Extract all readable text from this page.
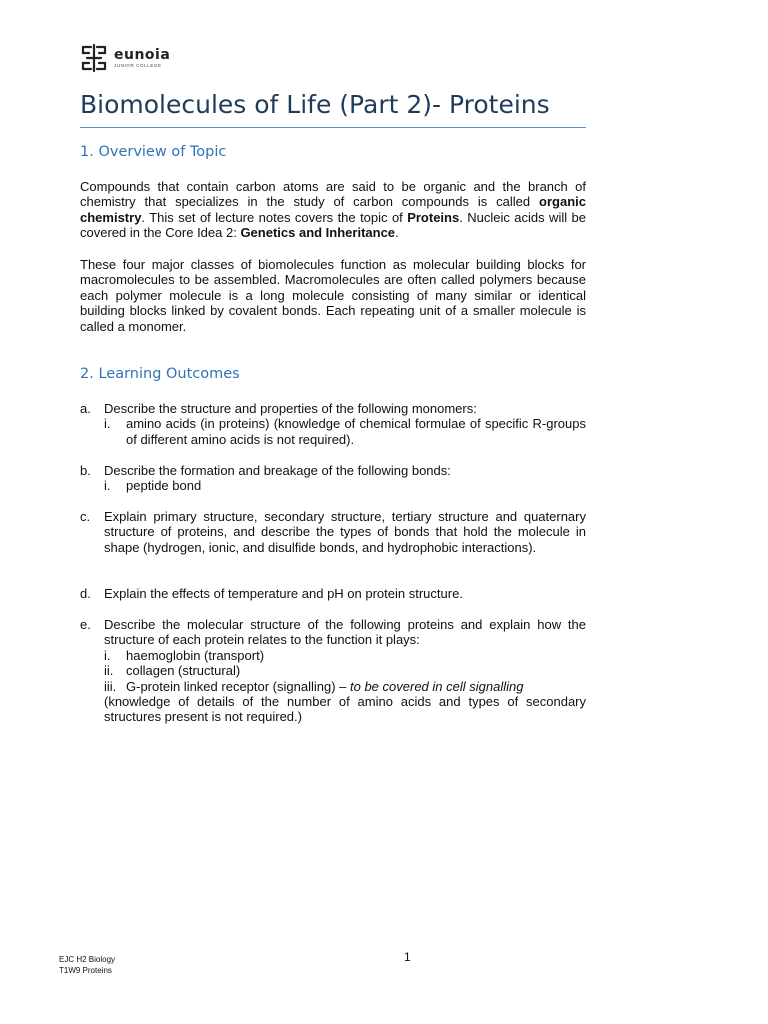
eunoia
JUNIOR COLLEGE
Biomolecules of Life (Part 2)- Proteins
1. Overview of Topic

Compounds that contain carbon atoms are said to be organic and the branch of chemistry that specializes in the study of carbon compounds is called organic chemistry. This set of lecture notes covers the topic of Proteins. Nucleic acids will be covered in the Core Idea 2: Genetics and Inheritance.

These four major classes of biomolecules function as molecular building blocks for macromolecules to be assembled. Macromolecules are often called polymers because each polymer molecule is a long molecule consisting of many similar or identical building blocks linked by covalent bonds. Each repeating unit of a smaller molecule is called a monomer.

2. Learning Outcomes
a. Describe the structure and properties of the following monomers:
i. amino acids (in proteins) (knowledge of chemical formulae of specific R-groups of different amino acids is not required).
b. Describe the formation and breakage of the following bonds:
i. peptide bond
c. Explain primary structure, secondary structure, tertiary structure and quaternary structure of proteins, and describe the types of bonds that hold the molecule in shape (hydrogen, ionic, and disulfide bonds, and hydrophobic interactions).
d. Explain the effects of temperature and pH on protein structure.
e. Describe the molecular structure of the following proteins and explain how the structure of each protein relates to the function it plays:
i. haemoglobin (transport)
ii. collagen (structural)
iii. G-protein linked receptor (signalling) – to be covered in cell signalling
(knowledge of details of the number of amino acids and types of secondary structures present is not required.)
1
EJC H2 Biology
T1W9 Proteins
